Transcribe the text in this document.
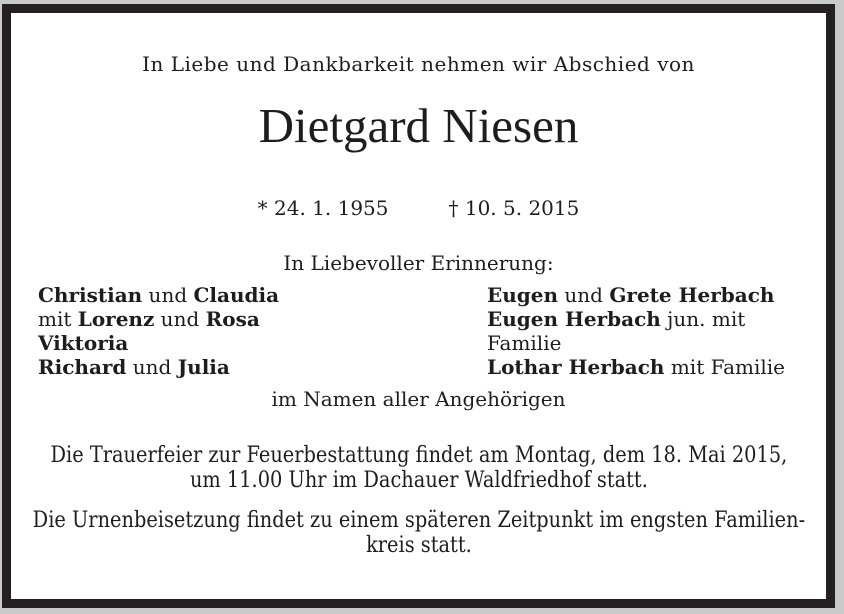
In Liebe und Dankbarkeit nehmen wir Abschied von
Dietgard Niesen
* 24. 1. 1955	† 10. 5. 2015
In Liebevoller Erinnerung:
Christian und Claudia
mit Lorenz und Rosa
Viktoria
Richard und Julia
Eugen und Grete Herbach
Eugen Herbach jun. mit Familie
Lothar Herbach mit Familie
im Namen aller Angehörigen
Die Trauerfeier zur Feuerbestattung findet am Montag, dem 18. Mai 2015,
um 11.00 Uhr im Dachauer Waldfriedhof statt.
Die Urnenbeisetzung findet zu einem späteren Zeitpunkt im engsten Familien-
kreis statt.
